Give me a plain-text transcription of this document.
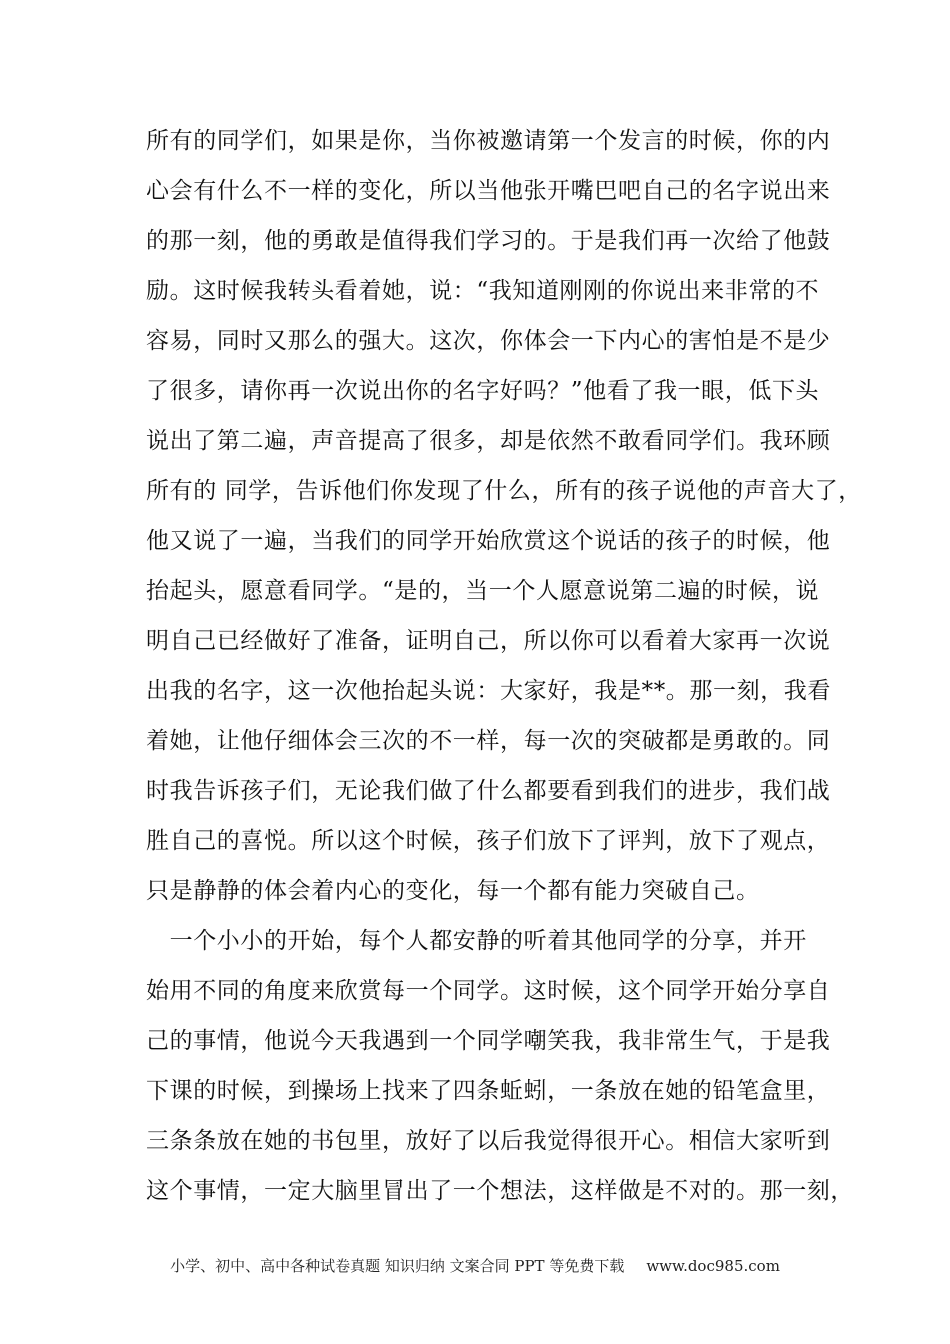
所有的同学们，如果是你，当你被邀请第一个发言的时候，你的内
心会有什么不一样的变化，所以当他张开嘴巴吧自己的名字说出来
的那一刻，他的勇敢是值得我们学习的。于是我们再一次给了他鼓
励。这时候我转头看着她，说：“我知道刚刚的你说出来非常的不
容易，同时又那么的强大。这次，你体会一下内心的害怕是不是少
了很多，请你再一次说出你的名字好吗？”他看了我一眼，低下头
说出了第二遍，声音提高了很多，却是依然不敢看同学们。我环顾
所有的 同学，告诉他们你发现了什么，所有的孩子说他的声音大了，
他又说了一遍，当我们的同学开始欣赏这个说话的孩子的时候，他
抬起头，愿意看同学。“是的，当一个人愿意说第二遍的时候，说
明自己已经做好了准备，证明自己，所以你可以看着大家再一次说
出我的名字，这一次他抬起头说：大家好，我是**。那一刻，我看
着她，让他仔细体会三次的不一样，每一次的突破都是勇敢的。同
时我告诉孩子们，无论我们做了什么都要看到我们的进步，我们战
胜自己的喜悦。所以这个时候，孩子们放下了评判，放下了观点，
只是静静的体会着内心的变化，每一个都有能力突破自己。
　一个小小的开始，每个人都安静的听着其他同学的分享，并开
始用不同的角度来欣赏每一个同学。这时候，这个同学开始分享自
己的事情，他说今天我遇到一个同学嘲笑我，我非常生气，于是我
下课的时候，到操场上找来了四条蚯蚓，一条放在她的铅笔盒里，
三条条放在她的书包里，放好了以后我觉得很开心。相信大家听到
这个事情，一定大脑里冒出了一个想法，这样做是不对的。那一刻，
小学、初中、高中各种试卷真题 知识归纳 文案合同 PPT 等免费下载 www.doc985.com
